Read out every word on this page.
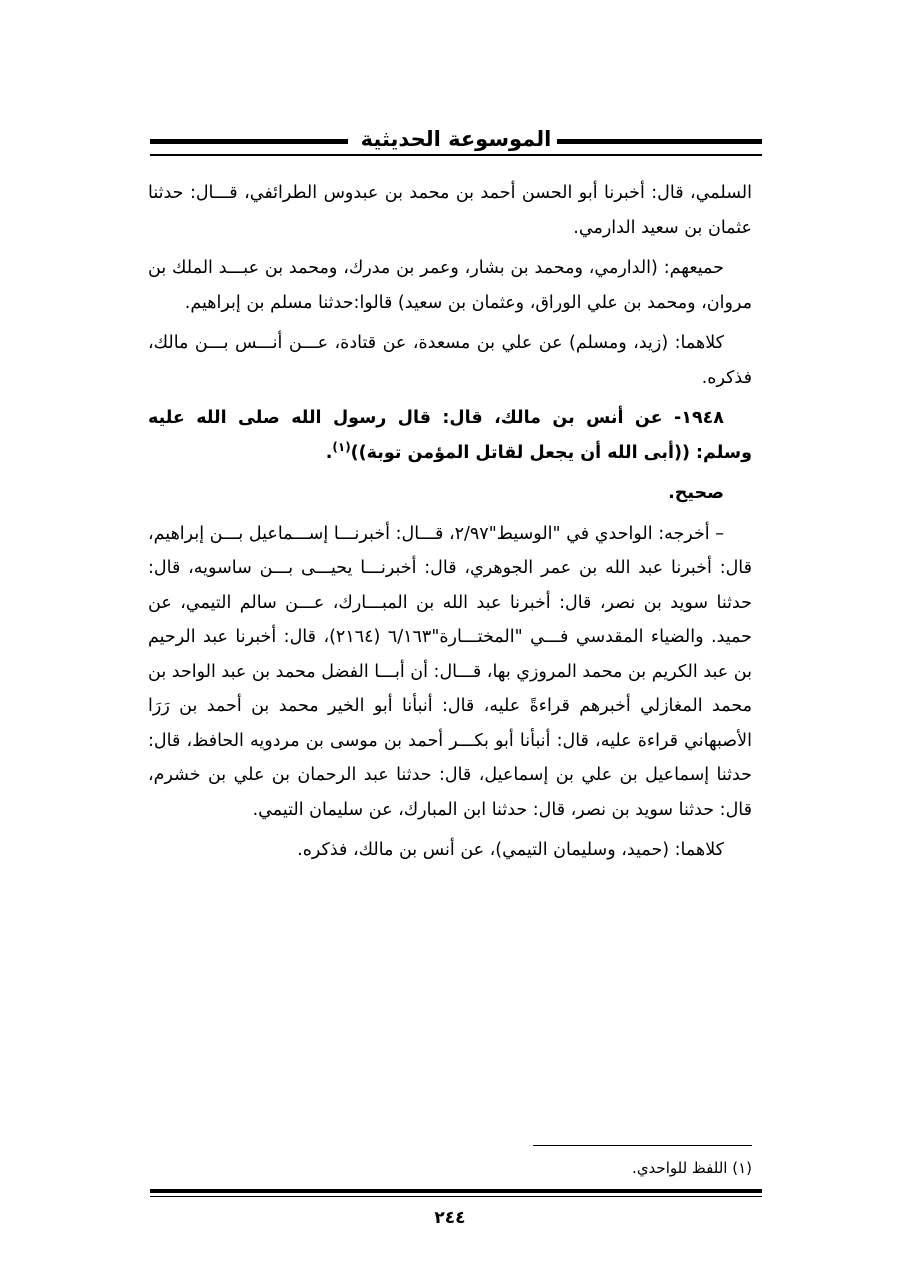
الموسوعة الحديثية

السلمي، قال: أخبرنا أبو الحسن أحمد بن محمد بن عبدوس الطرائفي، قـــال: حدثنا عثمان بن سعيد الدارمي.

حميعهم: (الدارمي، ومحمد بن بشار، وعمر بن مدرك، ومحمد بن عبـــد الملك بن مروان، ومحمد بن علي الوراق، وعثمان بن سعيد) قالوا:حدثنا مسلم بن إبراهيم.

كلاهما: (زيد، ومسلم) عن علي بن مسعدة، عن قتادة، عـــن أنـــس بـــن مالك، فذكره.

١٩٤٨- عن أنس بن مالك، قال: قال رسول الله صلى الله عليه وسلم: ((أبى الله أن يجعل لقاتل المؤمن توبة))$^{(١)}$.

صحيح.

– أخرجه: الواحدي في "الوسيط"٢/٩٧، قـــال: أخبرنـــا إســـماعيل بـــن إبراهيم، قال: أخبرنا عبد الله بن عمر الجوهري، قال: أخبرنـــا يحيـــى بـــن ساسويه، قال: حدثنا سويد بن نصر، قال: أخبرنا عبد الله بن المبـــارك، عـــن سالم التيمي، عن حميد. والضياء المقدسي فـــي "المختـــارة"٦/١٦٣ (٢١٦٤)، قال: أخبرنا عبد الرحيم بن عبد الكريم بن محمد المروزي بها، قـــال: أن أبـــا الفضل محمد بن عبد الواحد بن محمد المغازلي أخبرهم قراءةً عليه، قال: أنبأنا أبو الخير محمد بن أحمد بن رَرَا الأصبهاني قراءة عليه، قال: أنبأنا أبو بكـــر أحمد بن موسى بن مردويه الحافظ، قال: حدثنا إسماعيل بن علي بن إسماعيل، قال: حدثنا عبد الرحمان بن علي بن خشرم، قال: حدثنا سويد بن نصر، قال: حدثنا ابن المبارك، عن سليمان التيمي.

كلاهما: (حميد، وسليمان التيمي)، عن أنس بن مالك، فذكره.

(١) اللفظ للواحدي.
٢٤٤
